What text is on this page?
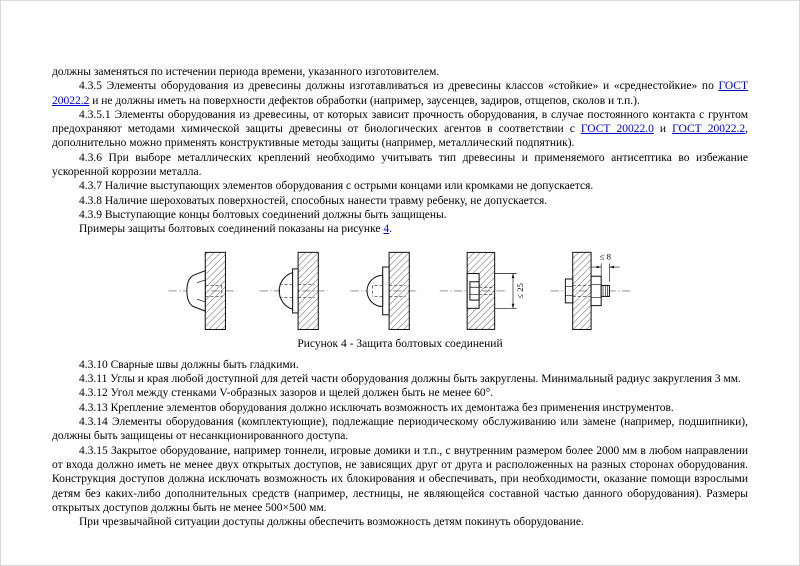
должны заменяться по истечении периода времени, указанного изготовителем.

4.3.5 Элементы оборудования из древесины должны изготавливаться из древесины классов «стойкие» и «среднестойкие» по ГОСТ 20022.2 и не должны иметь на поверхности дефектов обработки (например, заусенцев, задиров, отщепов, сколов и т.п.).

4.3.5.1 Элементы оборудования из древесины, от которых зависит прочность оборудования, в случае постоянного контакта с грунтом предохраняют методами химической защиты древесины от биологических агентов в соответствии с ГОСТ 20022.0 и ГОСТ 20022.2, дополнительно можно применять конструктивные методы защиты (например, металлический подпятник).

4.3.6 При выборе металлических креплений необходимо учитывать тип древесины и применяемого антисептика во избежание ускоренной коррозии металла.

4.3.7 Наличие выступающих элементов оборудования с острыми концами или кромками не допускается.

4.3.8 Наличие шероховатых поверхностей, способных нанести травму ребенку, не допускается.

4.3.9 Выступающие концы болтовых соединений должны быть защищены.

Примеры защиты болтовых соединений показаны на рисунке 4.

≤ 25
≤ 8

Рисунок 4 - Защита болтовых соединений

4.3.10 Сварные швы должны быть гладкими.

4.3.11 Углы и края любой доступной для детей части оборудования должны быть закруглены. Минимальный радиус закругления 3 мм.

4.3.12 Угол между стенками V-образных зазоров и щелей должен быть не менее 60°.

4.3.13 Крепление элементов оборудования должно исключать возможность их демонтажа без применения инструментов.

4.3.14 Элементы оборудования (комплектующие), подлежащие периодическому обслуживанию или замене (например, подшипники), должны быть защищены от несанкционированного доступа.

4.3.15 Закрытое оборудование, например тоннели, игровые домики и т.п., с внутренним размером более 2000 мм в любом направлении от входа должно иметь не менее двух открытых доступов, не зависящих друг от друга и расположенных на разных сторонах оборудования. Конструкция доступов должна исключать возможность их блокирования и обеспечивать, при необходимости, оказание помощи взрослыми детям без каких-либо дополнительных средств (например, лестницы, не являющейся составной частью данного оборудования). Размеры открытых доступов должны быть не менее 500×500 мм.

При чрезвычайной ситуации доступы должны обеспечить возможность детям покинуть оборудование.
